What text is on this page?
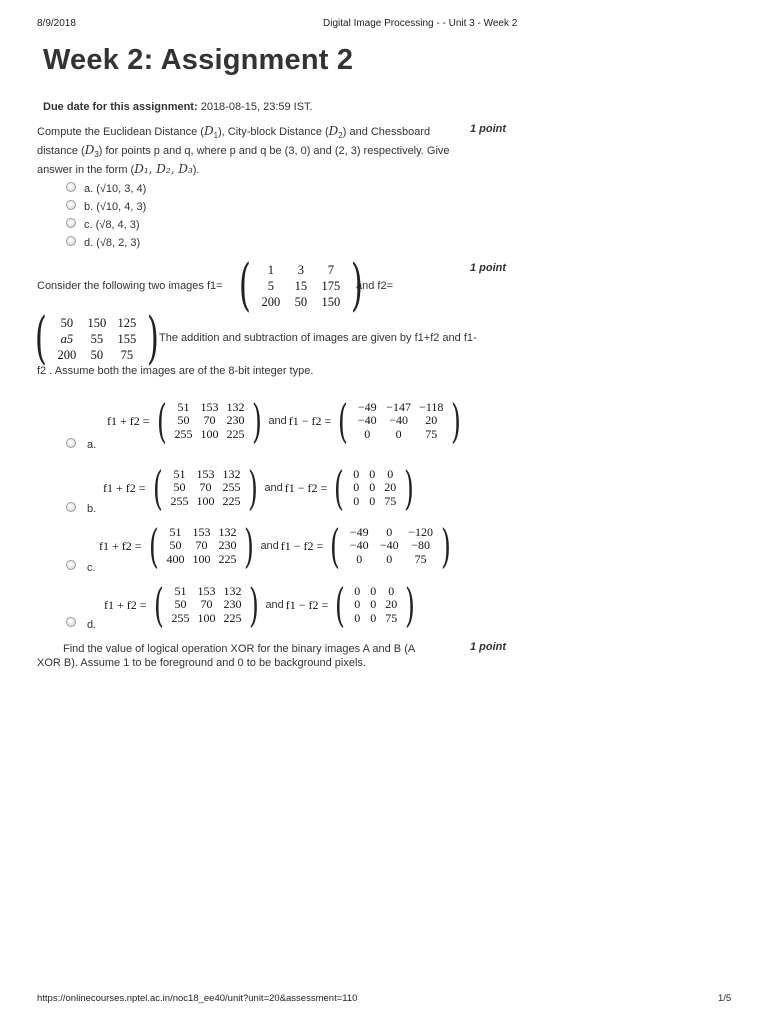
8/9/2018	Digital Image Processing - - Unit 3 - Week 2
Week 2: Assignment 2
Due date for this assignment: 2018-08-15, 23:59 IST.
Compute the Euclidean Distance $(D_1)$, City-block Distance $(D_2)$ and Chessboard
distance $(D_3)$ for points p and q, where p and q be (3, 0) and (2, 3) respectively. Give
answer in the form (D₁, D₂, D₃).
1 point
a. (√10, 3, 4)
b. (√10, 4, 3)
c. (√8, 4, 3)
d. (√8, 2, 3)
1 point
Consider the following two images f1= ( 1	3	7
5	15	175
200	50	150 )
and f2=
( 50	150	125
a5	55	155
200	50	75 ) The addition and subtraction of images are given by f1+f2 and f1-
f2 . Assume both the images are of the 8-bit integer type.
f1 + f2 = ( 51	153	132
50	70	230
255	100	225 ) and f1 − f2 = ( −49	−147	−118
−40	−40	20
0	0	75 )
a.
f1 + f2 = ( 51	153	132
50	70	255
255	100	225 ) and f1 − f2 = ( 0	0	0
0	0	20
0	0	75 )
b.
f1 + f2 = ( 51	153	132
50	70	230
400	100	225 ) and f1 − f2 = ( −49	0	−120
−40	−40	−80
0	0	75 )
c.
f1 + f2 = ( 51	153	132
50	70	230
255	100	225 ) and f1 − f2 = ( 0	0	0
0	0	20
0	0	75 )
d.
1 point
Find the value of logical operation XOR for the binary images A and B (A
XOR B). Assume 1 to be foreground and 0 to be background pixels.
https://onlinecourses.nptel.ac.in/noc18_ee40/unit?unit=20&assessment=110	1/5
